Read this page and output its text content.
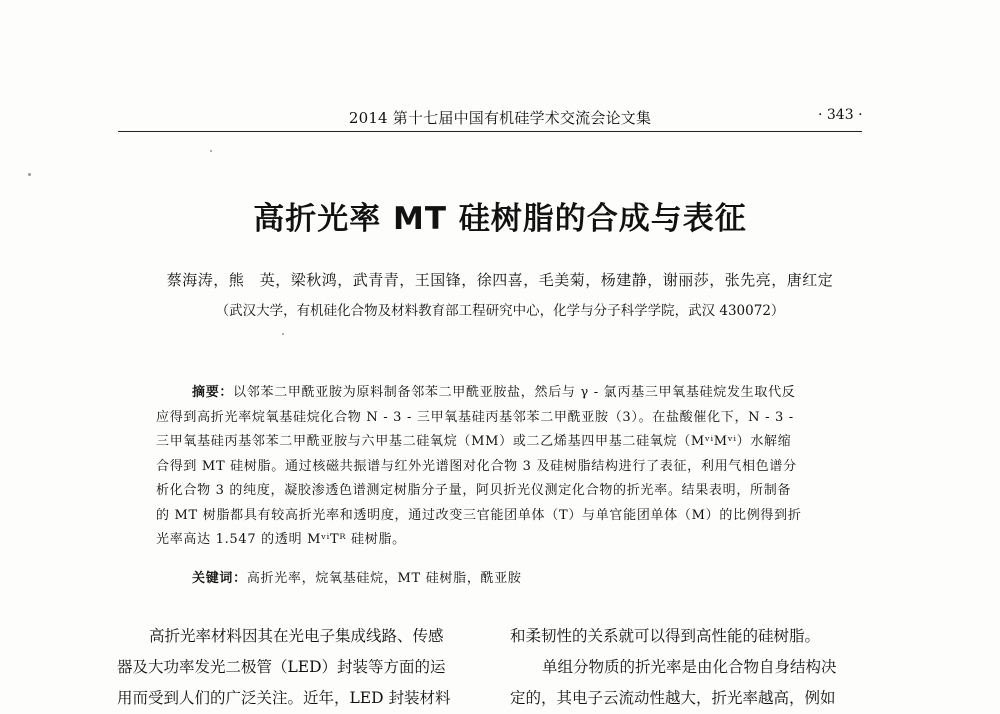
2014 第十七届中国有机硅学术交流会论文集	· 343 ·
高折光率 MT 硅树脂的合成与表征
蔡海涛，熊　英，梁秋鸿，武青青，王国锋，徐四喜，毛美菊，杨建静，谢丽莎，张先亮，唐红定
（武汉大学，有机硅化合物及材料教育部工程研究中心，化学与分子科学学院，武汉 430072）
摘要：以邻苯二甲酰亚胺为原料制备邻苯二甲酰亚胺盐，然后与 γ - 氯丙基三甲氧基硅烷发生取代反
应得到高折光率烷氧基硅烷化合物 N - 3 - 三甲氧基硅丙基邻苯二甲酰亚胺（3）。在盐酸催化下，N - 3 -
三甲氧基硅丙基邻苯二甲酰亚胺与六甲基二硅氧烷（MM）或二乙烯基四甲基二硅氧烷（MᵛⁱMᵛⁱ）水解缩
合得到 MT 硅树脂。通过核磁共振谱与红外光谱图对化合物 3 及硅树脂结构进行了表征，利用气相色谱分
析化合物 3 的纯度，凝胶渗透色谱测定树脂分子量，阿贝折光仪测定化合物的折光率。结果表明，所制备
的 MT 树脂都具有较高折光率和透明度，通过改变三官能团单体（T）与单官能团单体（M）的比例得到折
光率高达 1.547 的透明 MᵛⁱTᴿ 硅树脂。
关键词：高折光率，烷氧基硅烷，MT 硅树脂，酰亚胺
高折光率材料因其在光电子集成线路、传感
器及大功率发光二极管（LED）封装等方面的运
用而受到人们的广泛关注。近年，LED 封装材料
和柔韧性的关系就可以得到高性能的硅树脂。
单组分物质的折光率是由化合物自身结构决
定的，其电子云流动性越大，折光率越高，例如
